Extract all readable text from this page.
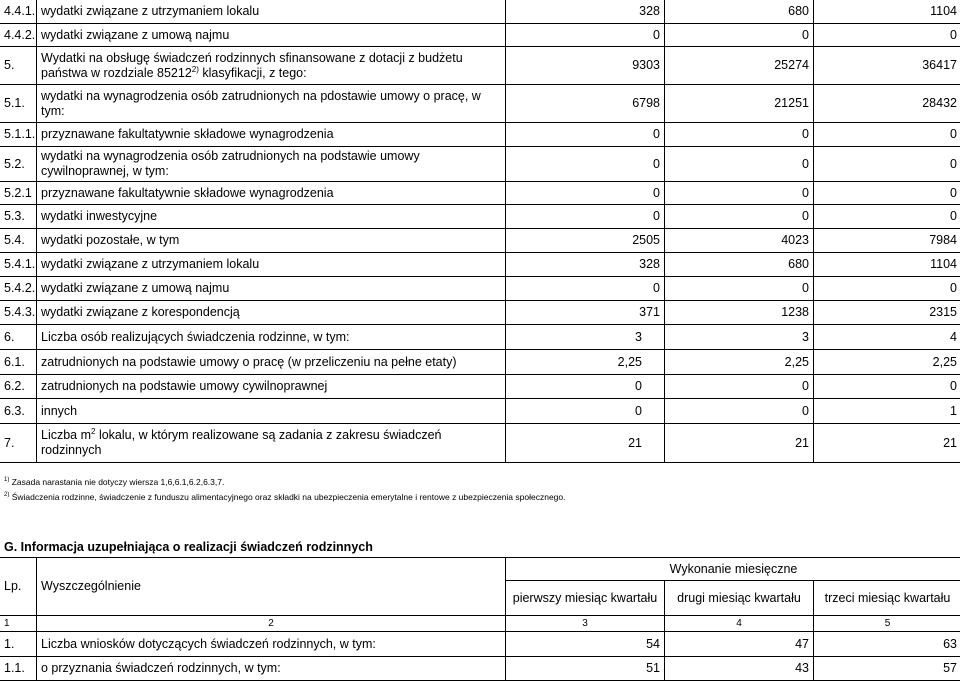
4.4.1.	wydatki związane z utrzymaniem lokalu	328	680	1104
4.4.2.	wydatki związane z umową najmu	0	0	0
5.	Wydatki na obsługę świadczeń rodzinnych sfinansowane z dotacji z budżetu
państwa w rozdziale 85212$^{2)}$ klasyfikacji, z tego:	9303	25274	36417
5.1.	wydatki na wynagrodzenia osób zatrudnionych na pdostawie umowy o pracę, w tym:	6798	21251	28432
5.1.1.	przyznawane fakultatywnie składowe wynagrodzenia	0	0	0
5.2.	wydatki na wynagrodzenia osób zatrudnionych na podstawie umowy cywilnoprawnej, w tym:	0	0	0
5.2.1	przyznawane fakultatywnie składowe wynagrodzenia	0	0	0
5.3.	wydatki inwestycyjne	0	0	0
5.4.	wydatki pozostałe, w tym	2505	4023	7984
5.4.1.	wydatki związane z utrzymaniem lokalu	328	680	1104
5.4.2.	wydatki związane z umową najmu	0	0	0
5.4.3.	wydatki związane z korespondencją	371	1238	2315
6.	Liczba osób realizujących świadczenia rodzinne, w tym:	3	3	4
6.1.	zatrudnionych na podstawie umowy o pracę (w przeliczeniu na pełne etaty)	2,25	2,25	2,25
6.2.	zatrudnionych na podstawie umowy cywilnoprawnej	0	0	0
6.3.	innych	0	0	1
7.	Liczba $m^2$ lokalu, w którym realizowane są zadania z zakresu świadczeń rodzinnych	21	21	21
$^{1)}$ Zasada narastania nie dotyczy wiersza 1,6,6.1,6.2,6.3,7.
$^{2)}$ Świadczenia rodzinne, świadczenie z funduszu alimentacyjnego oraz składki na ubezpieczenia emerytalne i rentowe z ubezpieczenia społecznego.
G. Informacja uzupełniająca o realizacji świadczeń rodzinnych
Lp.	Wyszczególnienie	Wykonanie miesięczne		
		pierwszy miesiąc kwartału	drugi miesiąc kwartału	trzeci miesiąc kwartału
1	2	3	4	5
1.	Liczba wniosków dotyczących świadczeń rodzinnych, w tym:	54	47	63
1.1.	o przyznania świadczeń rodzinnych, w tym:	51	43	57
